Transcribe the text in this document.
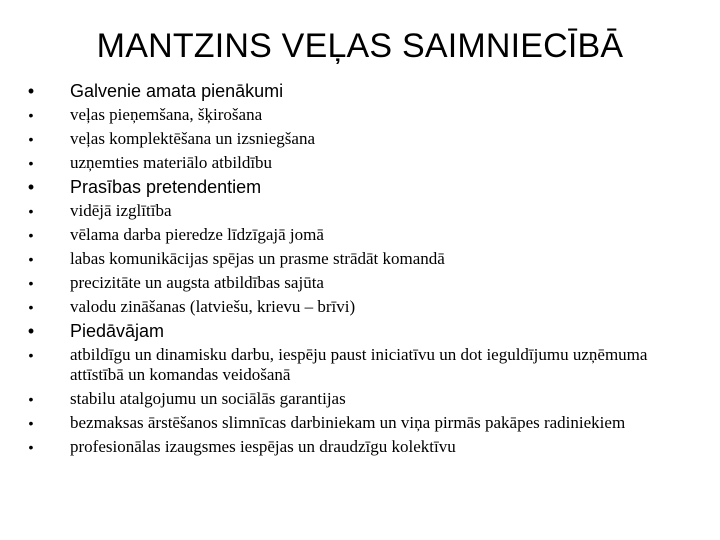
MANTZINS VEĻAS SAIMNIECĪBĀ
• Galvenie amata pienākumi
• veļas pieņemšana, šķirošana
• veļas komplektēšana un izsniegšana
• uzņemties materiālo atbildību
• Prasības pretendentiem
• vidējā izglītība
• vēlama darba pieredze līdzīgajā jomā
• labas komunikācijas spējas un prasme strādāt komandā
• precizitāte un augsta atbildības sajūta
• valodu zināšanas (latviešu, krievu – brīvi)
• Piedāvājam
• atbildīgu un dinamisku darbu, iespēju paust iniciatīvu un dot ieguldījumu uzņēmuma attīstībā un komandas veidošanā
• stabilu atalgojumu un sociālās garantijas
• bezmaksas ārstēšanos slimnīcas darbiniekam un viņa pirmās pakāpes radiniekiem
• profesionālas izaugsmes iespējas un draudzīgu kolektīvu
